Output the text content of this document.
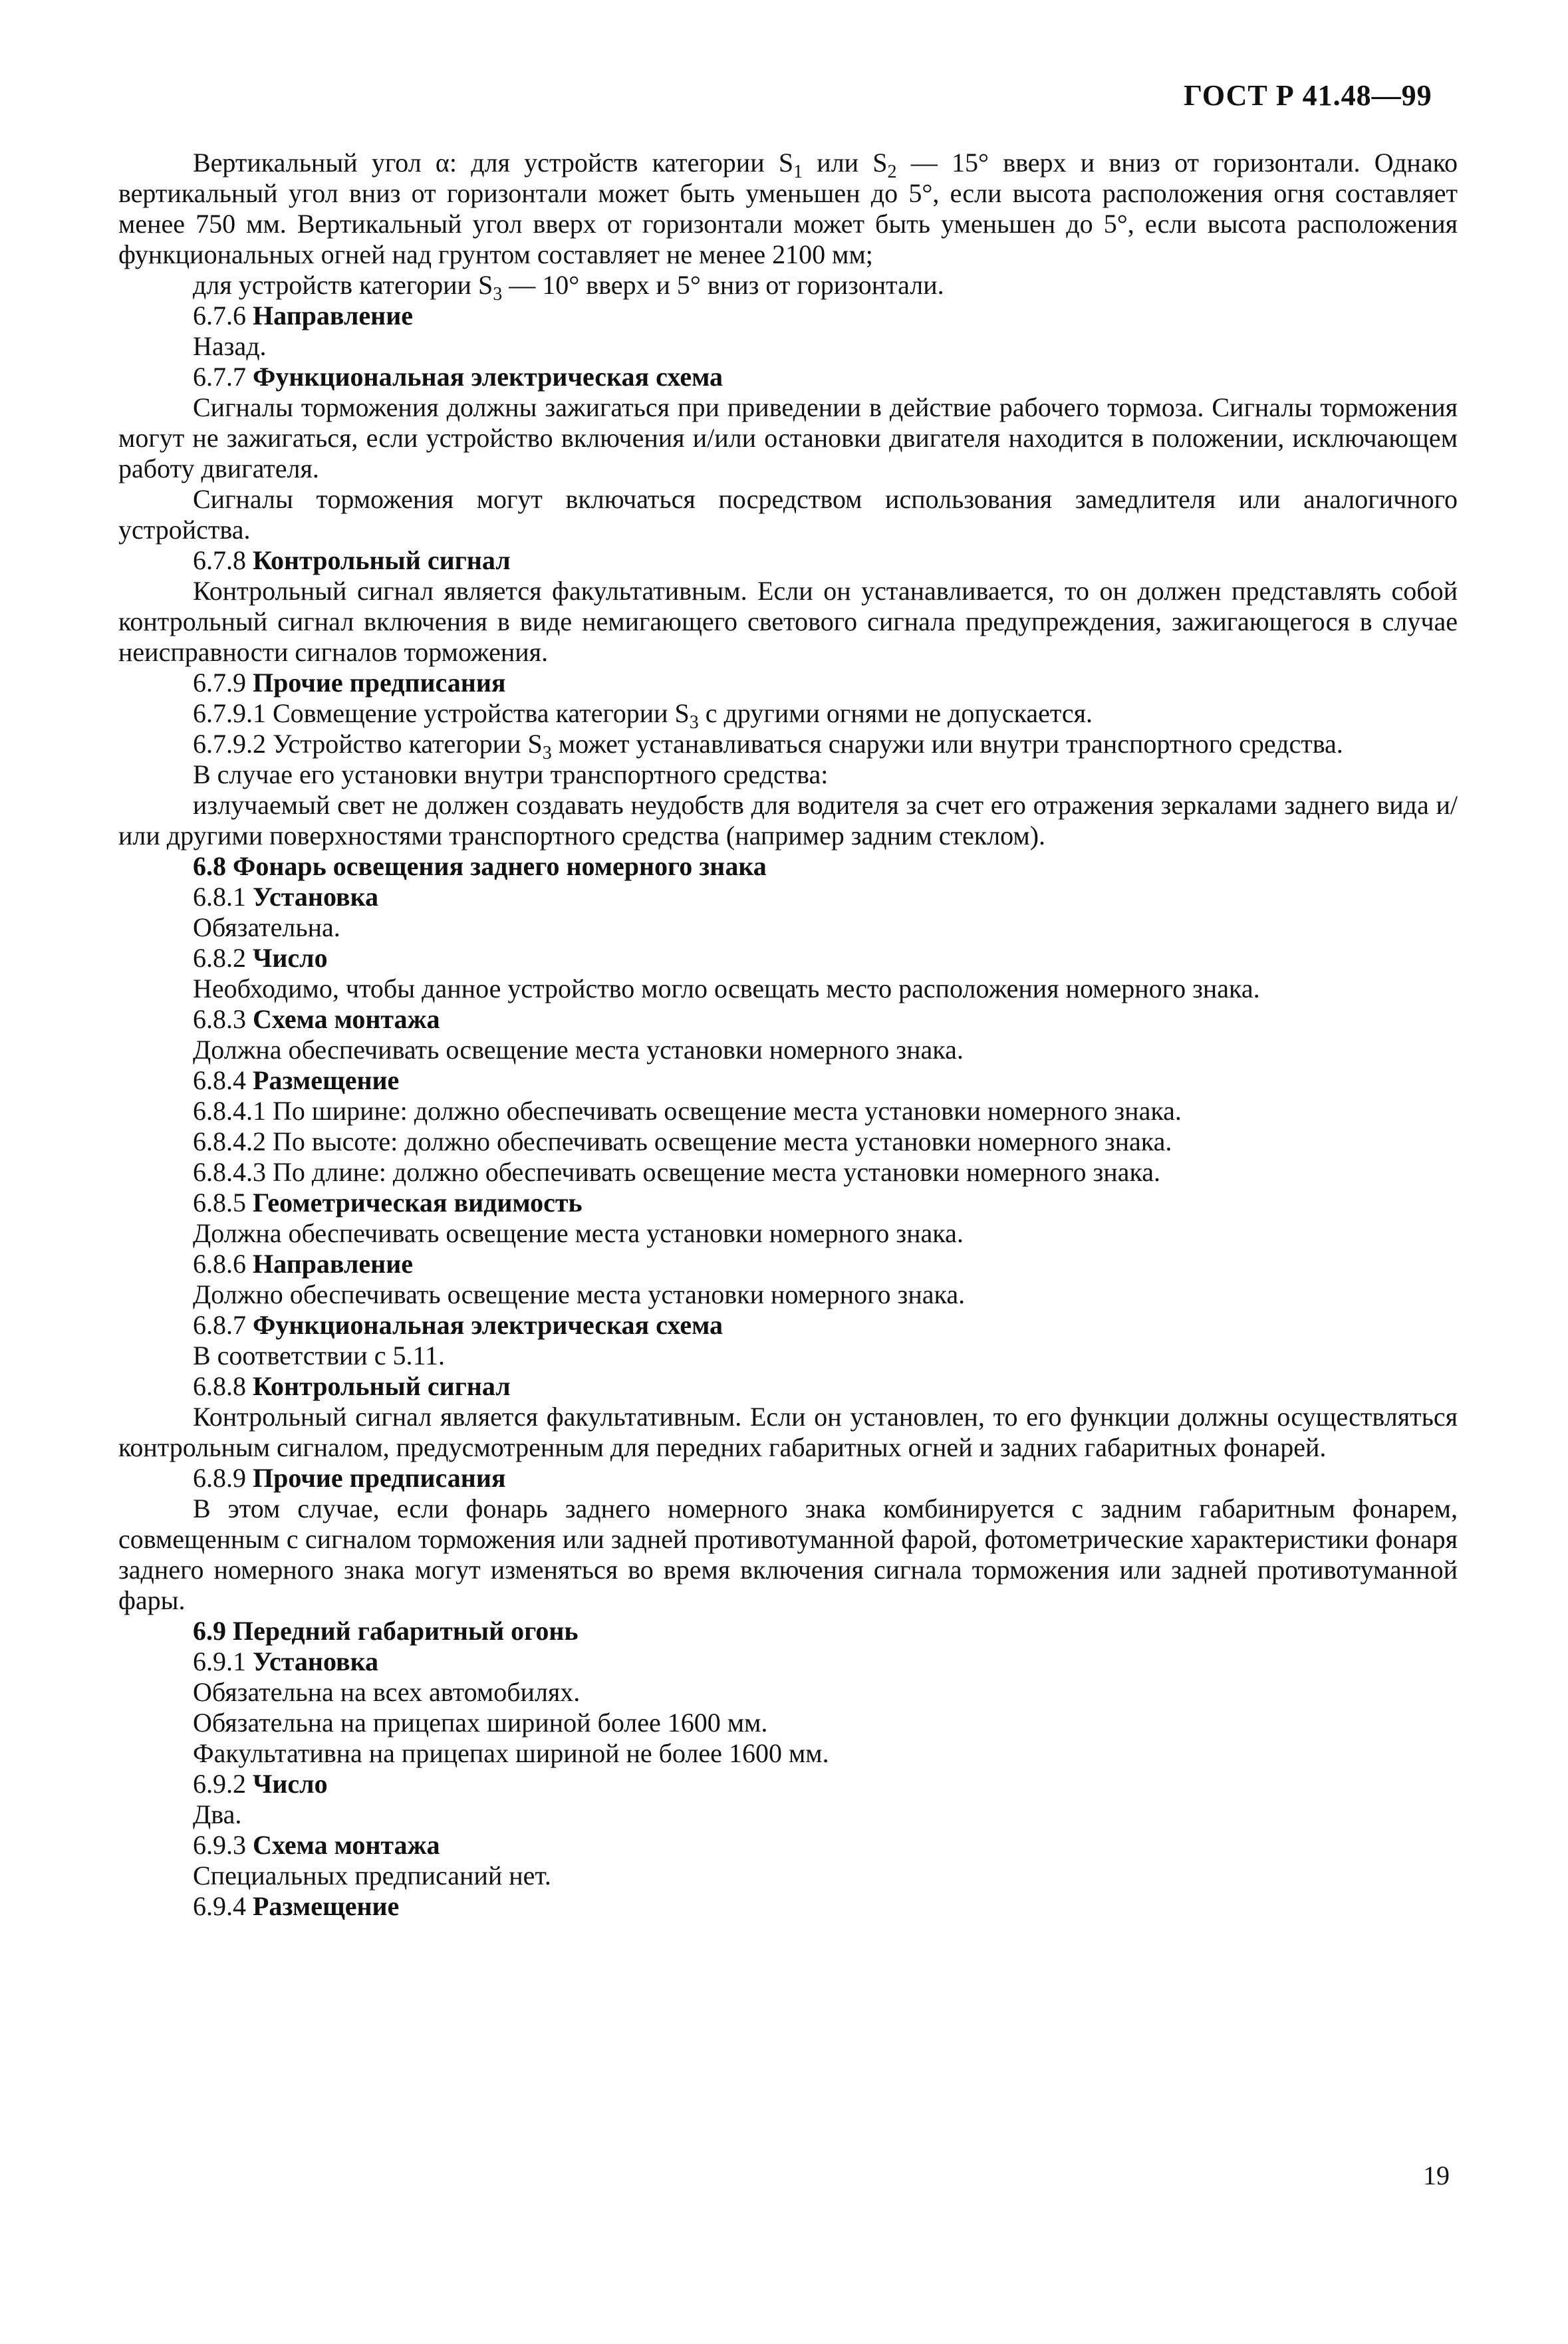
ГОСТ Р 41.48—99

Вертикальный угол α: для устройств категории $S_1$ или $S_2$ — 15° вверх и вниз от горизонтали. Однако вертикальный угол вниз от горизонтали может быть уменьшен до 5°, если высота расположения огня составляет менее 750 мм. Вертикальный угол вверх от горизонтали может быть уменьшен до 5°, если высота расположения функциональных огней над грунтом составляет не менее 2100 мм;

для устройств категории $S_3$ — 10° вверх и 5° вниз от горизонтали.

6.7.6 Направление

Назад.

6.7.7 Функциональная электрическая схема

Сигналы торможения должны зажигаться при приведении в действие рабочего тормоза. Сигналы торможения могут не зажигаться, если устройство включения и/или остановки двигателя находится в положении, исключающем работу двигателя.

Сигналы торможения могут включаться посредством использования замедлителя или аналогичного устройства.

6.7.8 Контрольный сигнал

Контрольный сигнал является факультативным. Если он устанавливается, то он должен представлять собой контрольный сигнал включения в виде немигающего светового сигнала предупреждения, зажигающегося в случае неисправности сигналов торможения.

6.7.9 Прочие предписания

6.7.9.1 Совмещение устройства категории $S_3$ с другими огнями не допускается.

6.7.9.2 Устройство категории $S_3$ может устанавливаться снаружи или внутри транспортного средства.

В случае его установки внутри транспортного средства:

излучаемый свет не должен создавать неудобств для водителя за счет его отражения зеркалами заднего вида и/или другими поверхностями транспортного средства (например задним стеклом).

6.8 Фонарь освещения заднего номерного знака

6.8.1 Установка

Обязательна.

6.8.2 Число

Необходимо, чтобы данное устройство могло освещать место расположения номерного знака.

6.8.3 Схема монтажа

Должна обеспечивать освещение места установки номерного знака.

6.8.4 Размещение

6.8.4.1 По ширине: должно обеспечивать освещение места установки номерного знака.

6.8.4.2 По высоте: должно обеспечивать освещение места установки номерного знака.

6.8.4.3 По длине: должно обеспечивать освещение места установки номерного знака.

6.8.5 Геометрическая видимость

Должна обеспечивать освещение места установки номерного знака.

6.8.6 Направление

Должно обеспечивать освещение места установки номерного знака.

6.8.7 Функциональная электрическая схема

В соответствии с 5.11.

6.8.8 Контрольный сигнал

Контрольный сигнал является факультативным. Если он установлен, то его функции должны осуществляться контрольным сигналом, предусмотренным для передних габаритных огней и задних габаритных фонарей.

6.8.9 Прочие предписания

В этом случае, если фонарь заднего номерного знака комбинируется с задним габаритным фонарем, совмещенным с сигналом торможения или задней противотуманной фарой, фотометрические характеристики фонаря заднего номерного знака могут изменяться во время включения сигнала торможения или задней противотуманной фары.

6.9 Передний габаритный огонь

6.9.1 Установка

Обязательна на всех автомобилях.

Обязательна на прицепах шириной более 1600 мм.

Факультативна на прицепах шириной не более 1600 мм.

6.9.2 Число

Два.

6.9.3 Схема монтажа

Специальных предписаний нет.

6.9.4 Размещение

19
